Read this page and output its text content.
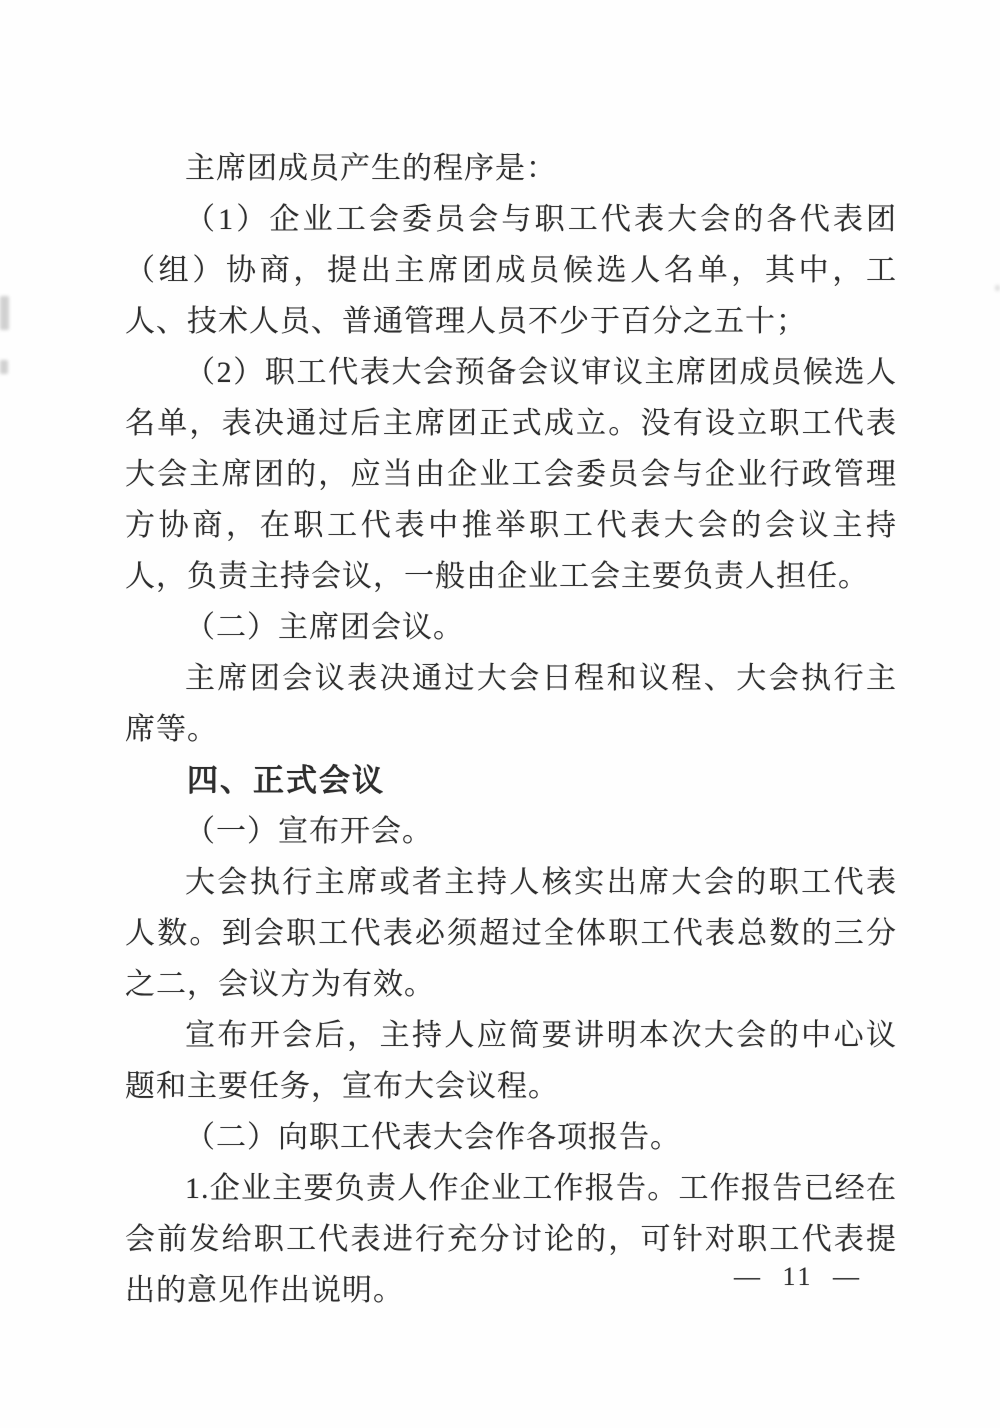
主席团成员产生的程序是：

（1）企业工会委员会与职工代表大会的各代表团（组）协商，提出主席团成员候选人名单，其中，工人、技术人员、普通管理人员不少于百分之五十；

（2）职工代表大会预备会议审议主席团成员候选人名单，表决通过后主席团正式成立。没有设立职工代表大会主席团的，应当由企业工会委员会与企业行政管理方协商，在职工代表中推举职工代表大会的会议主持人，负责主持会议，一般由企业工会主要负责人担任。

（二）主席团会议。

主席团会议表决通过大会日程和议程、大会执行主席等。

四、正式会议

（一）宣布开会。

大会执行主席或者主持人核实出席大会的职工代表人数。到会职工代表必须超过全体职工代表总数的三分之二，会议方为有效。

宣布开会后，主持人应简要讲明本次大会的中心议题和主要任务，宣布大会议程。

（二）向职工代表大会作各项报告。

1.企业主要负责人作企业工作报告。工作报告已经在会前发给职工代表进行充分讨论的，可针对职工代表提出的意见作出说明。	— 11 —
